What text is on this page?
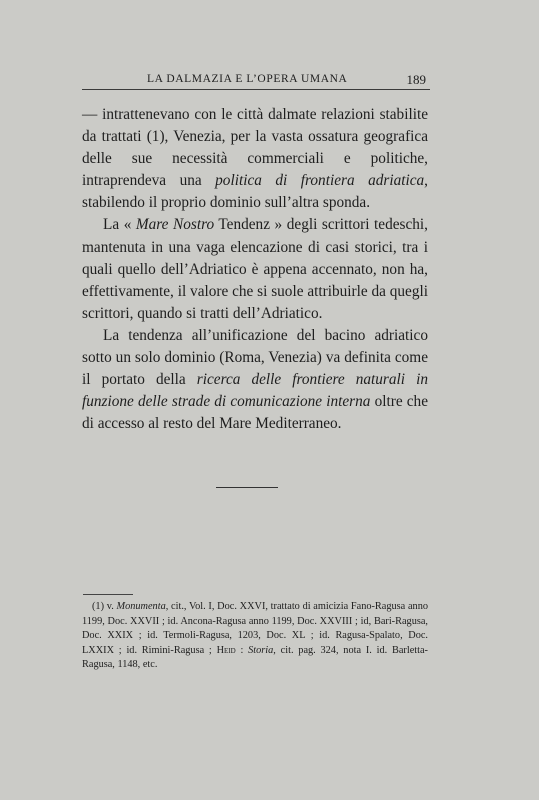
LA DALMAZIA E L’OPERA UMANA	189

— intrattenevano con le città dalmate relazioni stabilite da trattati (1), Venezia, per la vasta ossatura geografica delle sue necessità commerciali e politiche, intraprendeva una politica di frontiera adriatica, stabilendo il proprio dominio sull’altra sponda.

La « Mare Nostro Tendenz » degli scrittori tedeschi, mantenuta in una vaga elencazione di casi storici, tra i quali quello dell’Adriatico è appena accennato, non ha, effettivamente, il valore che si suole attribuirle da quegli scrittori, quando si tratti dell’Adriatico.

La tendenza all’unificazione del bacino adriatico sotto un solo dominio (Roma, Venezia) va definita come il portato della ricerca delle frontiere naturali in funzione delle strade di comunicazione interna oltre che di accesso al resto del Mare Mediterraneo.

(1) v. Monumenta, cit., Vol. I, Doc. XXVI, trattato di amicizia Fano-Ragusa anno 1199, Doc. XXVII ; id. Ancona-Ragusa anno 1199, Doc. XXVIII ; id, Bari-Ragusa, Doc. XXIX ; id. Termoli-Ragusa, 1203, Doc. XL ; id. Ragusa-Spalato, Doc. LXXIX ; id. Rimini-Ragusa ; Heid : Storia, cit. pag. 324, nota I. id. Barletta-Ragusa, 1148, etc.
